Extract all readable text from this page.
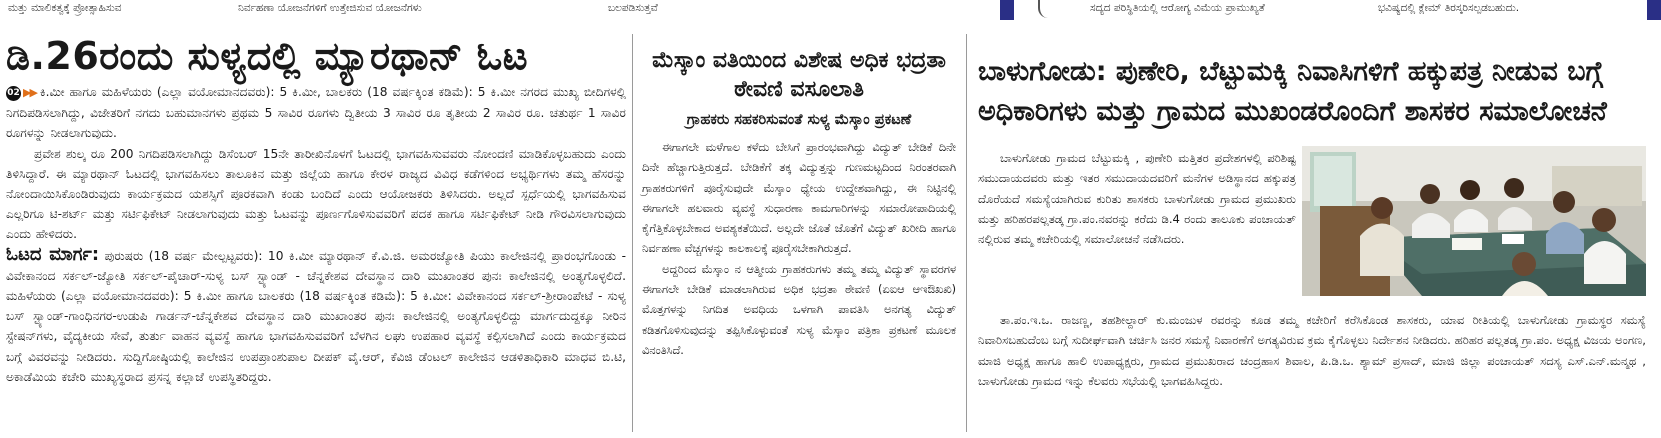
ಮತ್ತು ಮಾಲಿಕತ್ವಕ್ಕೆ ಪ್ರೋತ್ಸಾಹಿಸುವ	ನಿರ್ವಹಣಾ ಯೋಜನೆಗಳಿಗೆ ಉತ್ತೇಜಿಸುವ ಯೋಜನೆಗಳು	ಬಲಪಡಿಸುತ್ತವೆ	ಸದ್ಯದ ಪರಿಸ್ಥಿತಿಯಲ್ಲಿ ಆರೋಗ್ಯ ವಿಮೆಯ ಪ್ರಾಮುಖ್ಯತೆ	ಭವಿಷ್ಯದಲ್ಲಿ ಕ್ಲೇಮ್ ತಿರಸ್ಕರಿಸಲ್ಪಡಬಹುದು.
ಡಿ.26ರಂದು ಸುಳ್ಯದಲ್ಲಿ ಮ್ಯಾರಥಾನ್ ಓಟ

02 ▶▶ ಕಿ.ಮೀ ಹಾಗೂ ಮಹಿಳೆಯರು (ಎಲ್ಲಾ ವಯೋಮಾನದವರು): 5 ಕಿ.ಮೀ, ಬಾಲಕರು (18 ವರ್ಷಕ್ಕಿಂತ ಕಡಿಮೆ): 5 ಕಿ.ಮೀ ನಗರದ ಮುಖ್ಯ ಬೀದಿಗಳಲ್ಲಿ ನಿಗದಿಪಡಿಸಲಾಗಿದ್ದು, ವಿಜೇತರಿಗೆ ನಗದು ಬಹುಮಾನಗಳು ಪ್ರಥಮ 5 ಸಾವಿರ ರೂಗಳು ದ್ವಿತೀಯ 3 ಸಾವಿರ ರೂ ತೃತೀಯ 2 ಸಾವಿರ ರೂ. ಚತುರ್ಥ 1 ಸಾವಿರ ರೂಗಳನ್ನು ನೀಡಲಾಗುವುದು.

ಪ್ರವೇಶ ಶುಲ್ಕ ರೂ 200 ನಿಗದಿಪಡಿಸಲಾಗಿದ್ದು ಡಿಸೆಂಬರ್ 15ನೇ ತಾರೀಖಿನೊಳಗೆ ಓಟದಲ್ಲಿ ಭಾಗವಹಿಸುವವರು ನೋಂದಣಿ ಮಾಡಿಕೊಳ್ಳಬಹುದು ಎಂದು ತಿಳಿಸಿದ್ದಾರೆ. ಈ ಮ್ಯಾರಥಾನ್ ಓಟದಲ್ಲಿ ಭಾಗವಹಿಸಲು ತಾಲೂಕಿನ ಮತ್ತು ಜಿಲ್ಲೆಯ ಹಾಗೂ ಕೇರಳ ರಾಜ್ಯದ ವಿವಿಧ ಕಡೆಗಳಿಂದ ಅಭ್ಯರ್ಥಿಗಳು ತಮ್ಮ ಹೆಸರನ್ನು ನೋಂದಾಯಿಸಿಕೊಂಡಿರುವುದು ಕಾರ್ಯಕ್ರಮದ ಯಶಸ್ಸಿಗೆ ಪೂರಕವಾಗಿ ಕಂಡು ಬಂದಿದೆ ಎಂದು ಆಯೋಜಕರು ತಿಳಿಸಿದರು. ಅಲ್ಲದೆ ಸ್ಪರ್ಧೆಯಲ್ಲಿ ಭಾಗವಹಿಸುವ ಎಲ್ಲರಿಗೂ ಟಿ-ಶರ್ಟ್ ಮತ್ತು ಸರ್ಟಿಫಿಕೇಟ್ ನೀಡಲಾಗುವುದು ಮತ್ತು ಓಟವನ್ನು ಪೂರ್ಣಗೊಳಿಸುವವರಿಗೆ ಪದಕ ಹಾಗೂ ಸರ್ಟಿಫಿಕೇಟ್ ನೀಡಿ ಗೌರವಿಸಲಾಗುವುದು ಎಂದು ಹೇಳಿದರು.

ಓಟದ ಮಾರ್ಗ: ಪುರುಷರು (18 ವರ್ಷ ಮೇಲ್ಪಟ್ಟವರು): 10 ಕಿ.ಮೀ ಮ್ಯಾರಥಾನ್ ಕೆ.ವಿ.ಜಿ. ಅಮರಜ್ಯೋತಿ ಪಿಯು ಕಾಲೇಜಿನಲ್ಲಿ ಪ್ರಾರಂಭಗೊಂಡು - ವಿವೇಕಾನಂದ ಸರ್ಕಲ್-ಜ್ಯೋತಿ ಸರ್ಕಲ್-ಪೈಚಾರ್-ಸುಳ್ಯ ಬಸ್ ಸ್ಟ್ಯಾಂಡ್ - ಚೆನ್ನಕೇಶವ ದೇವಸ್ಥಾನ ದಾರಿ ಮುಖಾಂತರ ಪುನಃ ಕಾಲೇಜಿನಲ್ಲಿ ಅಂತ್ಯಗೊಳ್ಳಲಿದೆ. ಮಹಿಳೆಯರು (ಎಲ್ಲಾ ವಯೋಮಾನದವರು): 5 ಕಿ.ಮೀ ಹಾಗೂ ಬಾಲಕರು (18 ವರ್ಷಕ್ಕಿಂತ ಕಡಿಮೆ): 5 ಕಿ.ಮೀ: ವಿವೇಕಾನಂದ ಸರ್ಕಲ್-ಶ್ರೀರಾಂಪೇಟೆ - ಸುಳ್ಯ ಬಸ್ ಸ್ಟ್ಯಾಂಡ್-ಗಾಂಧಿನಗರ-ಉಡುಪಿ ಗಾರ್ಡನ್-ಚೆನ್ನಕೇಶವ ದೇವಸ್ಥಾನ ದಾರಿ ಮುಖಾಂತರ ಪುನಃ ಕಾಲೇಜಿನಲ್ಲಿ ಅಂತ್ಯಗೊಳ್ಳಲಿದ್ದು ಮಾರ್ಗದುದ್ದಕ್ಕೂ ನೀರಿನ ಸ್ಟೇಷನ್‌ಗಳು, ವೈದ್ಯಕೀಯ ಸೇವೆ, ತುರ್ತು ವಾಹನ ವ್ಯವಸ್ಥೆ ಹಾಗೂ ಭಾಗವಹಿಸುವವರಿಗೆ ಬೆಳಗಿನ ಲಘು ಉಪಹಾರ ವ್ಯವಸ್ಥೆ ಕಲ್ಪಿಸಲಾಗಿದೆ ಎಂದು ಕಾರ್ಯಕ್ರಮದ ಬಗ್ಗೆ ವಿವರವನ್ನು ನೀಡಿದರು. ಸುದ್ದಿಗೋಷ್ಠಿಯಲ್ಲಿ ಕಾಲೇಜಿನ ಉಪಪ್ರಾಂಶುಪಾಲ ದೀಪಕ್ ವೈ.ಆರ್, ಕೆವಿಜಿ ಡೆಂಟಲ್ ಕಾಲೇಜಿನ ಆಡಳಿತಾಧಿಕಾರಿ ಮಾಧವ ಬಿ.ಟಿ, ಅಕಾಡೆಮಿಯ ಕಚೇರಿ ಮುಖ್ಯಸ್ಥರಾದ ಪ್ರಸನ್ನ ಕಲ್ಲಾಜೆ ಉಪಸ್ಥಿತರಿದ್ದರು.

ಮೆಸ್ಕಾಂ ವತಿಯಿಂದ ವಿಶೇಷ ಅಧಿಕ ಭದ್ರತಾ ಠೇವಣಿ ವಸೂಲಾತಿ
ಗ್ರಾಹಕರು ಸಹಕರಿಸುವಂತೆ ಸುಳ್ಯ ಮೆಸ್ಕಾಂ ಪ್ರಕಟಣೆ

ಈಗಾಗಲೇ ಮಳೆಗಾಲ ಕಳೆದು ಬೇಸಿಗೆ ಪ್ರಾರಂಭವಾಗಿದ್ದು ವಿದ್ಯುತ್ ಬೇಡಿಕೆ ದಿನೇ ದಿನೇ ಹೆಚ್ಚಾಗುತ್ತಿರುತ್ತದೆ. ಬೇಡಿಕೆಗೆ ತಕ್ಕ ವಿದ್ಯುತ್ತನ್ನು ಗುಣಮಟ್ಟದಿಂದ ನಿರಂತರವಾಗಿ ಗ್ರಾಹಕರುಗಳಿಗೆ ಪೂರೈಸುವುದೇ ಮೆಸ್ಕಾಂ ಧ್ಯೇಯ ಉದ್ದೇಶವಾಗಿದ್ದು, ಈ ನಿಟ್ಟಿನಲ್ಲಿ ಈಗಾಗಲೇ ಹಲವಾರು ವ್ಯವಸ್ಥೆ ಸುಧಾರಣಾ ಕಾಮಗಾರಿಗಳನ್ನು ಸಮಾರೋಪಾದಿಯಲ್ಲಿ ಕೈಗೆತ್ತಿಕೊಳ್ಳಬೇಕಾದ ಅವಶ್ಯಕತೆಯಿದೆ. ಅಲ್ಲದೇ ಜೊತೆ ಜೊತೆಗೆ ವಿದ್ಯುತ್ ಖರೀದಿ ಹಾಗೂ ನಿರ್ವಹಣಾ ವೆಚ್ಚಗಳನ್ನು ಕಾಲಕಾಲಕ್ಕೆ ಪೂರೈಸಬೇಕಾಗಿರುತ್ತದೆ.

ಅದ್ದರಿಂದ ಮೆಸ್ಕಾಂ ನ ಆತ್ಮೀಯ ಗ್ರಾಹಕರುಗಳು ತಮ್ಮ ತಮ್ಮ ವಿದ್ಯುತ್ ಸ್ಥಾವರಗಳ ಈಗಾಗಲೇ ಬೇಡಿಕೆ ಮಾಡಲಾಗಿರುವ ಅಧಿಕ ಭದ್ರತಾ ಠೇವಣಿ (ಏಐಆ ಆಇಔಖಖಿ) ಮೊತ್ತಗಳನ್ನು ನಿಗದಿತ ಅವಧಿಯ ಒಳಗಾಗಿ ಪಾವತಿಸಿ ಅನಗತ್ಯ ವಿದ್ಯುತ್ ಕಡಿತಗೊಳಿಸುವುದನ್ನು ತಪ್ಪಿಸಿಕೊಳ್ಳುವಂತೆ ಸುಳ್ಯ ಮೆಸ್ಕಾಂ ಪತ್ರಿಕಾ ಪ್ರಕಟಣೆ ಮೂಲಕ ವಿನಂತಿಸಿದೆ.

ಬಾಳುಗೋಡು: ಪುಣೇರಿ, ಬೆಟ್ಟುಮಕ್ಕಿ ನಿವಾಸಿಗಳಿಗೆ ಹಕ್ಕುಪತ್ರ ನೀಡುವ ಬಗ್ಗೆ
ಅಧಿಕಾರಿಗಳು ಮತ್ತು ಗ್ರಾಮದ ಮುಖಂಡರೊಂದಿಗೆ ಶಾಸಕರ ಸಮಾಲೋಚನೆ

ಬಾಳುಗೋಡು ಗ್ರಾಮದ ಬೆಟ್ಟುಮಕ್ಕಿ , ಪುಣೇರಿ ಮತ್ತಿತರ ಪ್ರದೇಶಗಳಲ್ಲಿ ಪರಿಶಿಷ್ಟ ಸಮುದಾಯದವರು ಮತ್ತು ಇತರ ಸಮುದಾಯದವರಿಗೆ ಮನೆಗಳ ಅಡಿಸ್ಥಾನದ ಹಕ್ಕುಪತ್ರ ದೊರೆಯದೆ ಸಮಸ್ಯೆಯಾಗಿರುವ ಕುರಿತು ಶಾಸಕರು ಬಾಳುಗೋಡು ಗ್ರಾಮದ ಪ್ರಮುಖರು ಮತ್ತು ಹರಿಹರಪಲ್ಲತಡ್ಕ ಗ್ರಾ.ಪಂ.ನವರನ್ನು ಕರೆದು ಡಿ.4 ರಂದು ತಾಲೂಕು ಪಂಚಾಯತ್ ನಲ್ಲಿರುವ ತಮ್ಮ ಕಚೇರಿಯಲ್ಲಿ ಸಮಾಲೋಚನೆ ನಡೆಸಿದರು.

ತಾ.ಪಂ.ಇ.ಒ. ರಾಜಣ್ಣ, ತಹಶೀಲ್ದಾರ್ ಕು.ಮಂಜುಳ ರವರನ್ನು ಕೂಡ ತಮ್ಮ ಕಚೇರಿಗೆ ಕರೆಸಿಕೊಂಡ ಶಾಸಕರು, ಯಾವ ರೀತಿಯಲ್ಲಿ ಬಾಳುಗೋಡು ಗ್ರಾಮಸ್ಥರ ಸಮಸ್ಯೆ ನಿವಾರಿಸಬಹುದೆಂಬ ಬಗ್ಗೆ ಸುದೀರ್ಘವಾಗಿ ಚರ್ಚಿಸಿ ಜನರ ಸಮಸ್ಯೆ ನಿವಾರಣೆಗೆ ಅಗತ್ಯವಿರುವ ಕ್ರಮ ಕೈಗೊಳ್ಳಲು ನಿರ್ದೇಶನ ನೀಡಿದರು. ಹರಿಹರ ಪಲ್ಲತಡ್ಕ ಗ್ರಾ.ಪಂ. ಅಧ್ಯಕ್ಷ ವಿಜಯ ಅಂಗಣ, ಮಾಜಿ ಅಧ್ಯಕ್ಷ ಹಾಗೂ ಹಾಲಿ ಉಪಾಧ್ಯಕ್ಷರು, ಗ್ರಾಮದ ಪ್ರಮುಖರಾದ ಚಂದ್ರಹಾಸ ಶಿವಾಲ, ಪಿ.ಡಿ.ಒ. ಶ್ಯಾಮ್ ಪ್ರಸಾದ್, ಮಾಜಿ ಜಿಲ್ಲಾ ಪಂಚಾಯತ್ ಸದಸ್ಯ ಎಸ್.ಎನ್.ಮನ್ಮಥ , ಬಾಳುಗೋಡು ಗ್ರಾಮದ ಇನ್ನು ಕೆಲವರು ಸಭೆಯಲ್ಲಿ ಭಾಗವಹಿಸಿದ್ದರು.
